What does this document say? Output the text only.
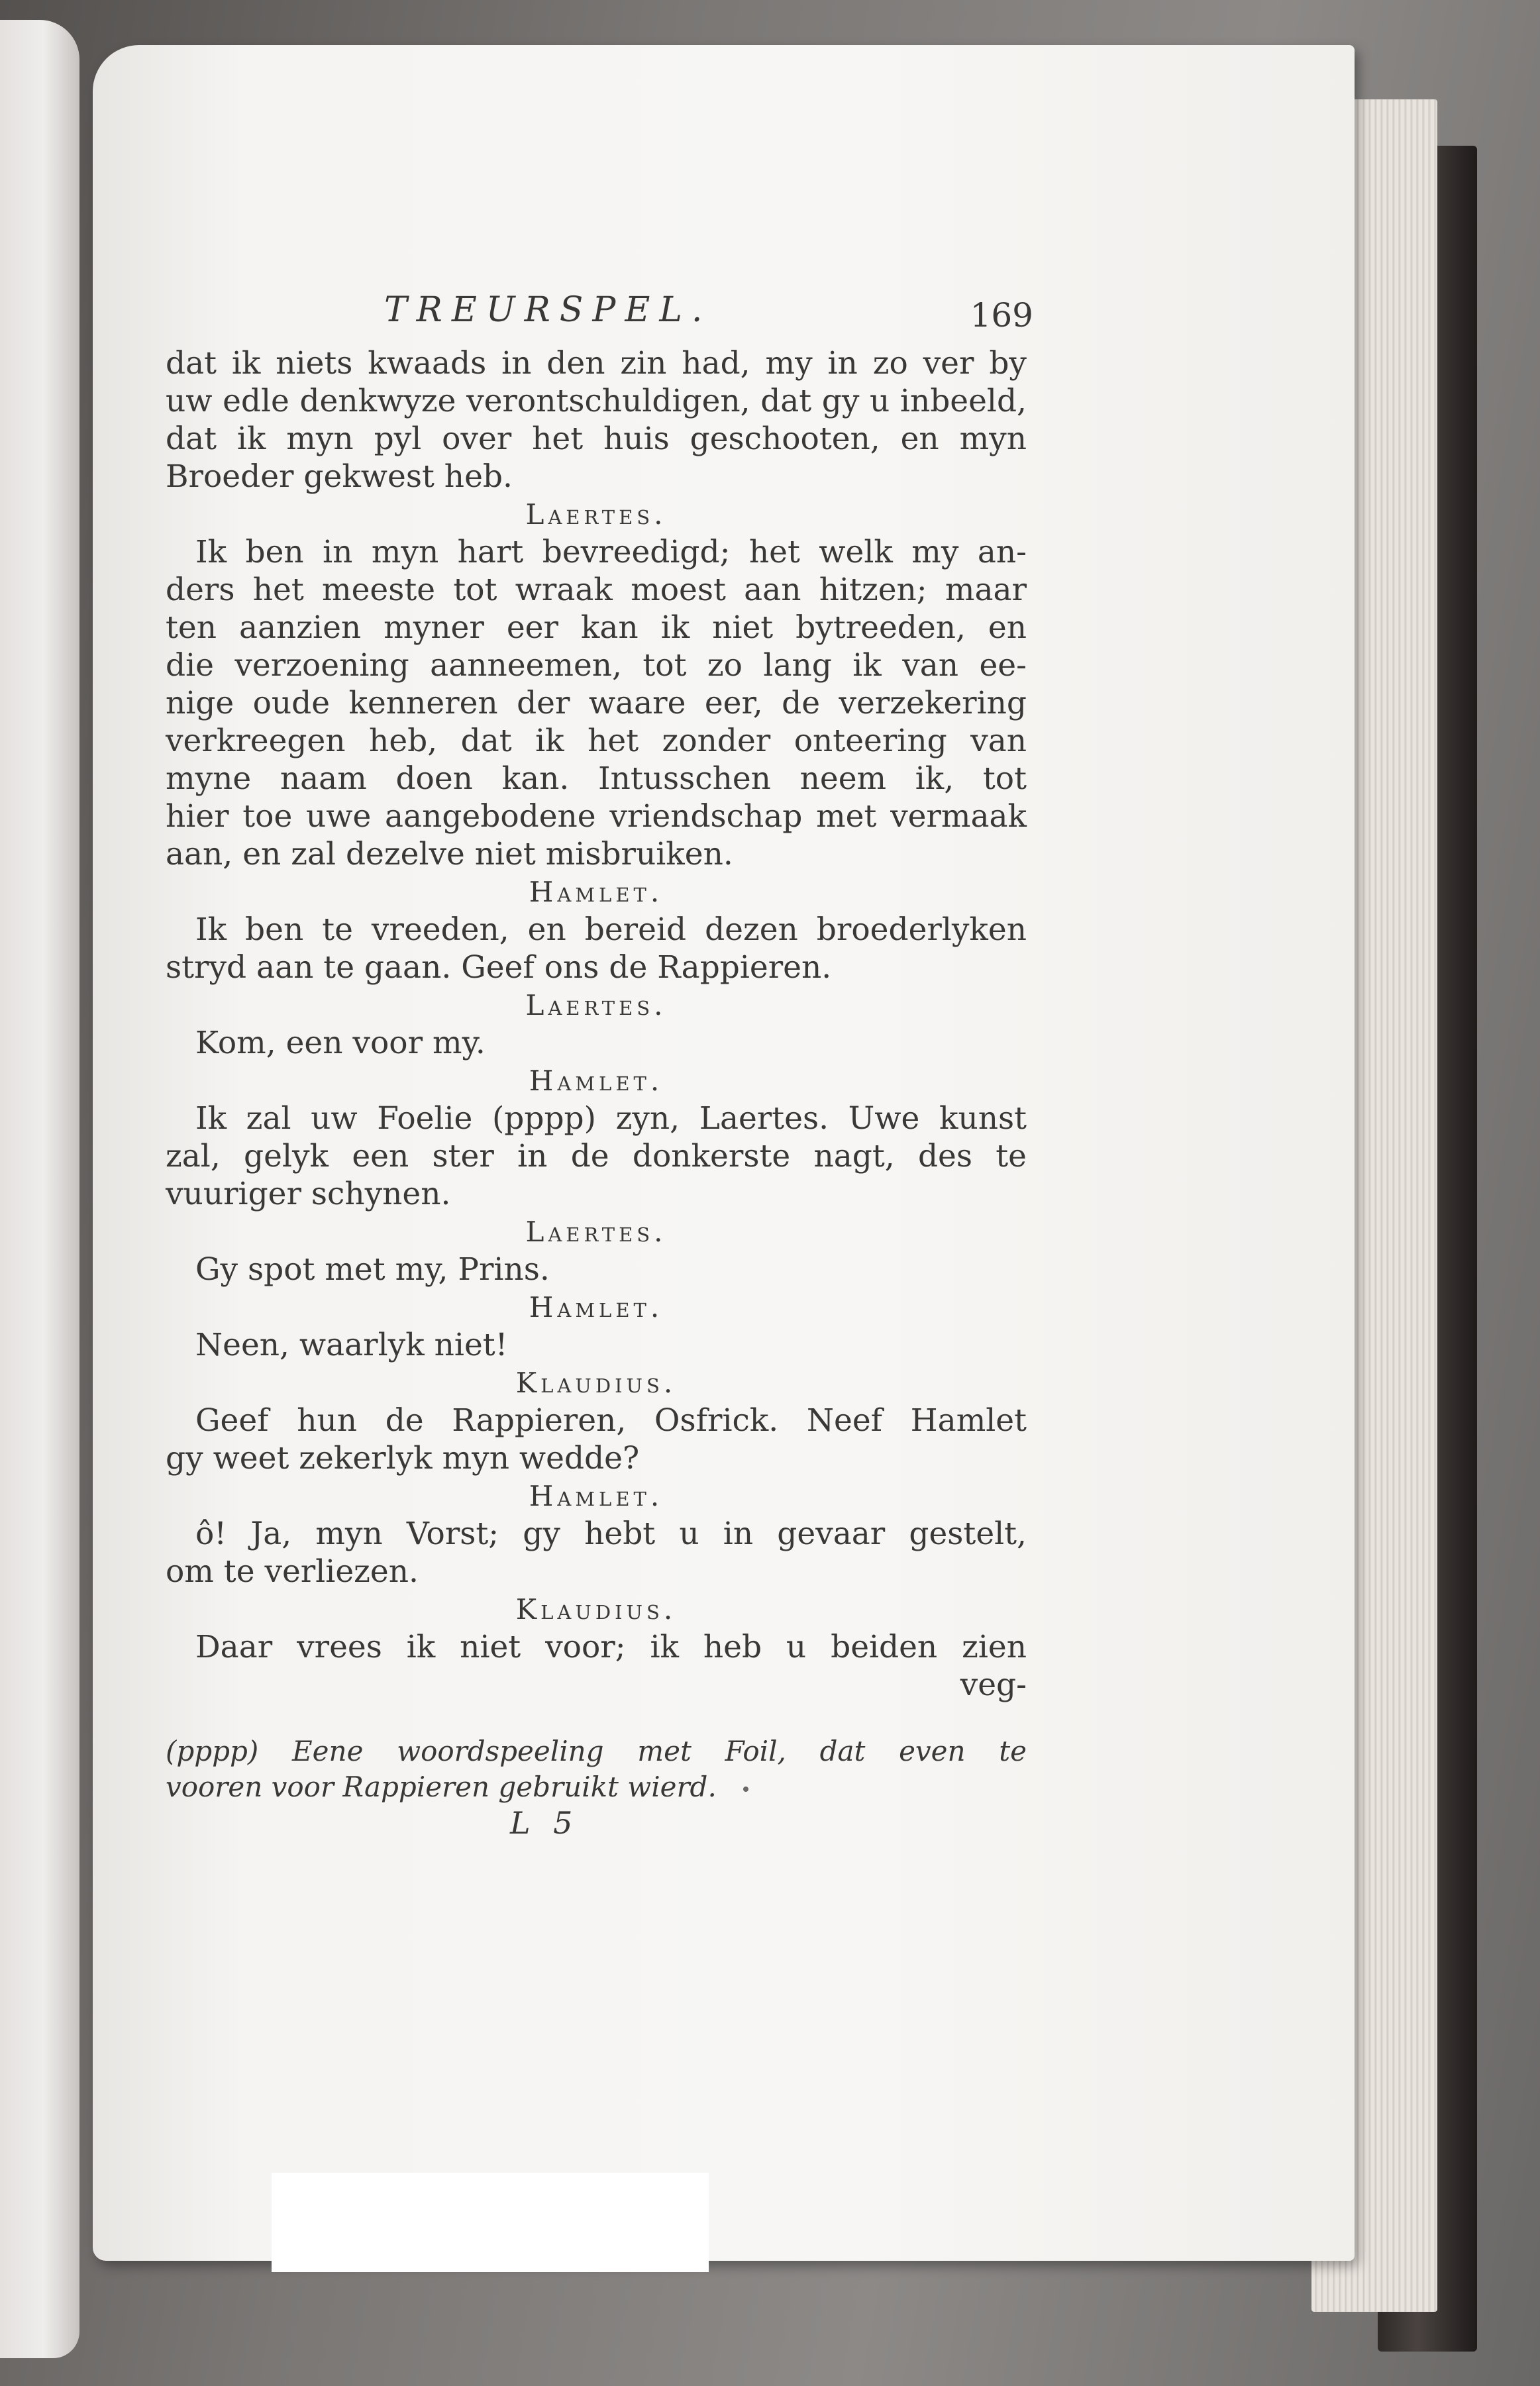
TREURSPEL.	169
dat ik niets kwaads in den zin had, my in zo ver by
uw edle denkwyze verontschuldigen, dat gy u inbeeld,
dat ik myn pyl over het huis geschooten, en myn
Broeder gekwest heb.
Laertes.
Ik ben in myn hart bevreedigd; het welk my an-
ders het meeste tot wraak moest aan hitzen; maar
ten aanzien myner eer kan ik niet bytreeden, en
die verzoening aanneemen, tot zo lang ik van ee-
nige oude kenneren der waare eer, de verzekering
verkreegen heb, dat ik het zonder onteering van
myne naam doen kan. Intusschen neem ik, tot
hier toe uwe aangebodene vriendschap met vermaak
aan, en zal dezelve niet misbruiken.
Hamlet.
Ik ben te vreeden, en bereid dezen broederlyken
stryd aan te gaan. Geef ons de Rappieren.
Laertes.
Kom, een voor my.
Hamlet.
Ik zal uw Foelie (pppp) zyn, Laertes. Uwe kunst
zal, gelyk een ster in de donkerste nagt, des te
vuuriger schynen.
Laertes.
Gy spot met my, Prins.
Hamlet.
Neen, waarlyk niet!
Klaudius.
Geef hun de Rappieren, Osfrick. Neef Hamlet
gy weet zekerlyk myn wedde?
Hamlet.
ô! Ja, myn Vorst; gy hebt u in gevaar gestelt,
om te verliezen.
Klaudius.
Daar vrees ik niet voor; ik heb u beiden zien
veg-
(pppp) Eene woordspeeling met Foil, dat even te
vooren voor Rappieren gebruikt wierd.
L 5
